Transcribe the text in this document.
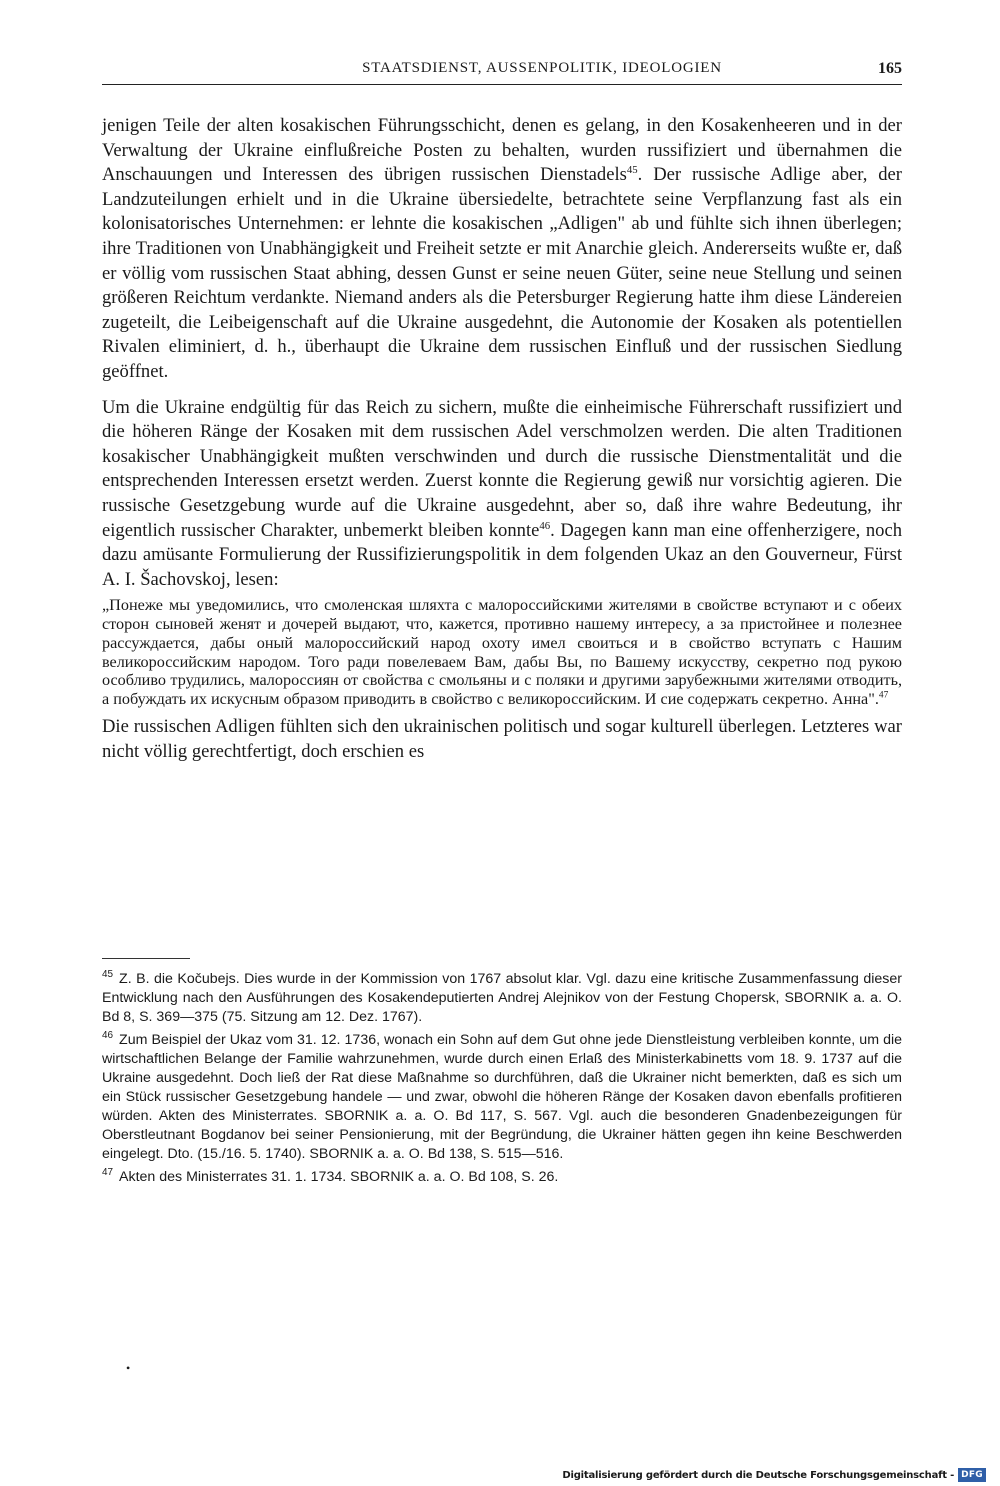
STAATSDIENST, AUSSENPOLITIK, IDEOLOGIEN	165

jenigen Teile der alten kosakischen Führungsschicht, denen es gelang, in den Kosakenheeren und in der Verwaltung der Ukraine einflußreiche Posten zu behalten, wurden russifiziert und übernahmen die Anschauungen und Interessen des übrigen russischen Dienstadels$^{45}$. Der russische Adlige aber, der Landzuteilungen erhielt und in die Ukraine übersiedelte, betrachtete seine Verpflanzung fast als ein kolonisatorisches Unternehmen: er lehnte die kosakischen „Adligen" ab und fühlte sich ihnen überlegen; ihre Traditionen von Unabhängigkeit und Freiheit setzte er mit Anarchie gleich. Andererseits wußte er, daß er völlig vom russischen Staat abhing, dessen Gunst er seine neuen Güter, seine neue Stellung und seinen größeren Reichtum verdankte. Niemand anders als die Petersburger Regierung hatte ihm diese Ländereien zugeteilt, die Leibeigenschaft auf die Ukraine ausgedehnt, die Autonomie der Kosaken als potentiellen Rivalen eliminiert, d. h., überhaupt die Ukraine dem russischen Einfluß und der russischen Siedlung geöffnet.

Um die Ukraine endgültig für das Reich zu sichern, mußte die einheimische Führerschaft russifiziert und die höheren Ränge der Kosaken mit dem russischen Adel verschmolzen werden. Die alten Traditionen kosakischer Unabhängigkeit mußten verschwinden und durch die russische Dienstmentalität und die entsprechenden Interessen ersetzt werden. Zuerst konnte die Regierung gewiß nur vorsichtig agieren. Die russische Gesetzgebung wurde auf die Ukraine ausgedehnt, aber so, daß ihre wahre Bedeutung, ihr eigentlich russischer Charakter, unbemerkt bleiben konnte$^{46}$. Dagegen kann man eine offenherzigere, noch dazu amüsante Formulierung der Russifizierungspolitik in dem folgenden Ukaz an den Gouverneur, Fürst A. I. Šachovskoj, lesen:

„Понеже мы уведомились, что смоленская шляхта с малороссийскими жителями в свойстве вступают и с обеих сторон сыновей женят и дочерей выдают, что, кажется, противно нашему интересу, а за пристойнее и полезнее рассуждается, дабы оный малороссийский народ охоту имел своиться и в свойство вступать с Нашим великороссийским народом. Того ради повелеваем Вам, дабы Вы, по Вашему искусству, секретно под рукою особливо трудились, малороссиян от свойства с смольяны и с поляки и другими зарубежными жителями отводить, а побуждать их искусным образом приводить в свойство с великороссийским. И сие содержать секретно. Анна".$^{47}$

Die russischen Adligen fühlten sich den ukrainischen politisch und sogar kulturell überlegen. Letzteres war nicht völlig gerechtfertigt, doch erschien es

$^{45}$ Z. B. die Kočubejs. Dies wurde in der Kommission von 1767 absolut klar. Vgl. dazu eine kritische Zusammenfassung dieser Entwicklung nach den Ausführungen des Kosakendeputierten Andrej Alejnikov von der Festung Chopersk, SBORNIK a. a. O. Bd 8, S. 369—375 (75. Sitzung am 12. Dez. 1767).

$^{46}$ Zum Beispiel der Ukaz vom 31. 12. 1736, wonach ein Sohn auf dem Gut ohne jede Dienstleistung verbleiben konnte, um die wirtschaftlichen Belange der Familie wahrzunehmen, wurde durch einen Erlaß des Ministerkabinetts vom 18. 9. 1737 auf die Ukraine ausgedehnt. Doch ließ der Rat diese Maßnahme so durchführen, daß die Ukrainer nicht bemerkten, daß es sich um ein Stück russischer Gesetzgebung handele — und zwar, obwohl die höheren Ränge der Kosaken davon ebenfalls profitieren würden. Akten des Ministerrates. SBORNIK a. a. O. Bd 117, S. 567. Vgl. auch die besonderen Gnadenbezeigungen für Oberstleutnant Bogdanov bei seiner Pensionierung, mit der Begründung, die Ukrainer hätten gegen ihn keine Beschwerden eingelegt. Dto. (15./16. 5. 1740). SBORNIK a. a. O. Bd 138, S. 515—516.

$^{47}$ Akten des Ministerrates 31. 1. 1734. SBORNIK a. a. O. Bd 108, S. 26.

•
Digitalisierung gefördert durch die Deutsche Forschungsgemeinschaft - DFG
